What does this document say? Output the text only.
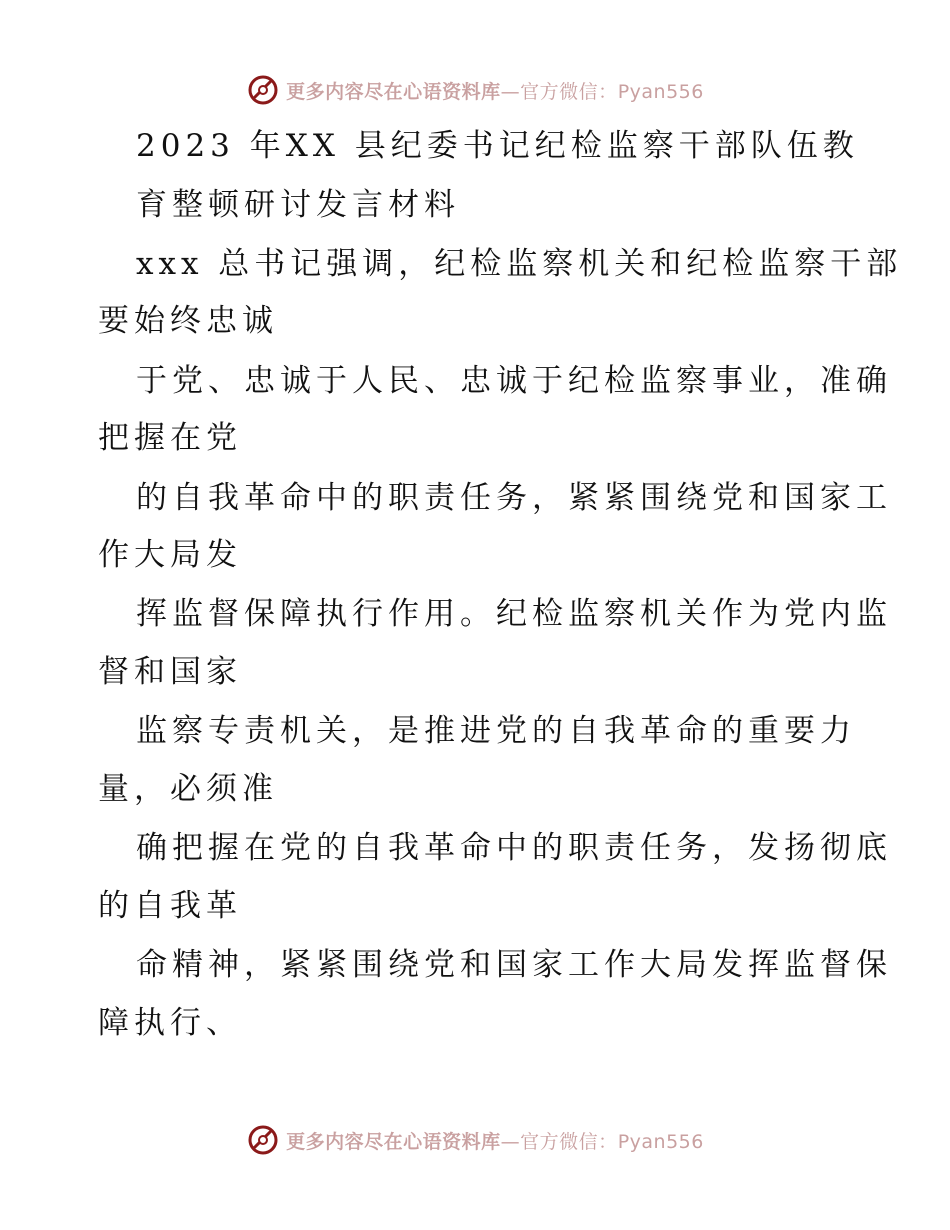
更多内容尽在心语资料库—官方微信：Pyan556
2023 年XX 县纪委书记纪检监察干部队伍教
育整顿研讨发言材料
xxx 总书记强调，纪检监察机关和纪检监察干部
要始终忠诚
于党、忠诚于人民、忠诚于纪检监察事业，准确
把握在党
的自我革命中的职责任务，紧紧围绕党和国家工
作大局发
挥监督保障执行作用。纪检监察机关作为党内监
督和国家
监察专责机关，是推进党的自我革命的重要力
量，必须准
确把握在党的自我革命中的职责任务，发扬彻底
的自我革
命精神，紧紧围绕党和国家工作大局发挥监督保
障执行、
更多内容尽在心语资料库—官方微信：Pyan556
